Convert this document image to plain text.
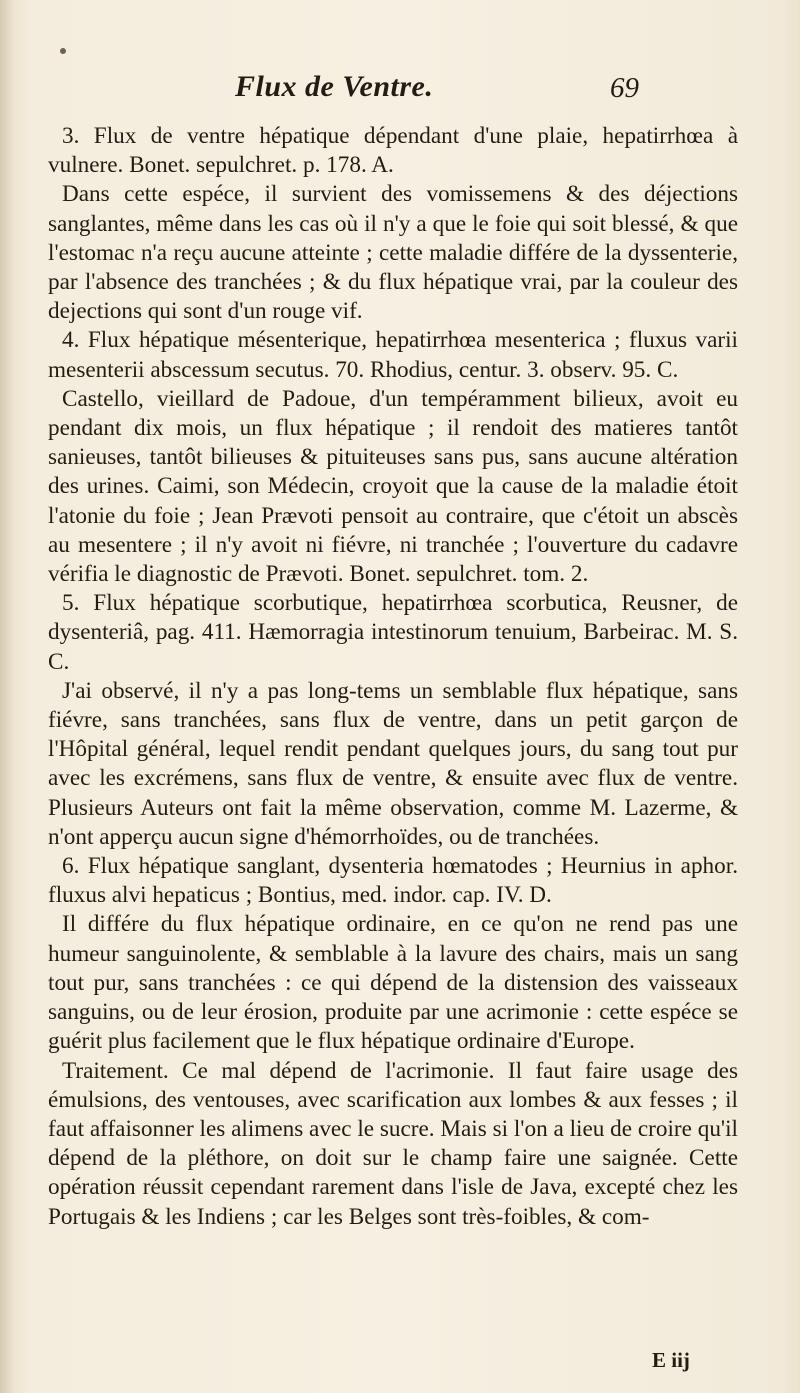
Flux de Ventre.	69

3. Flux de ventre hépatique dépendant d'une plaie, hepatirrhœa à vulnere. Bonet. sepulchret. p. 178. A.

Dans cette espéce, il survient des vomissemens & des déjections sanglantes, même dans les cas où il n'y a que le foie qui soit blessé, & que l'estomac n'a reçu aucune atteinte ; cette maladie différe de la dyssenterie, par l'absence des tranchées ; & du flux hépatique vrai, par la couleur des dejections qui sont d'un rouge vif.

4. Flux hépatique mésenterique, hepatirrhœa mesenterica ; fluxus varii mesenterii abscessum secutus. 70. Rhodius, centur. 3. observ. 95. C.

Castello, vieillard de Padoue, d'un tempéramment bilieux, avoit eu pendant dix mois, un flux hépatique ; il rendoit des matieres tantôt sanieuses, tantôt bilieuses & pituiteuses sans pus, sans aucune altération des urines. Caimi, son Médecin, croyoit que la cause de la maladie étoit l'atonie du foie ; Jean Prævoti pensoit au contraire, que c'étoit un abscès au mesentere ; il n'y avoit ni fiévre, ni tranchée ; l'ouverture du cadavre vérifia le diagnostic de Prævoti. Bonet. sepulchret. tom. 2.

5. Flux hépatique scorbutique, hepatirrhœa scorbutica, Reusner, de dysenteriâ, pag. 411. Hæmorragia intestinorum tenuium, Barbeirac. M. S. C.

J'ai observé, il n'y a pas long-tems un semblable flux hépatique, sans fiévre, sans tranchées, sans flux de ventre, dans un petit garçon de l'Hôpital général, lequel rendit pendant quelques jours, du sang tout pur avec les excrémens, sans flux de ventre, & ensuite avec flux de ventre. Plusieurs Auteurs ont fait la même observation, comme M. Lazerme, & n'ont apperçu aucun signe d'hémorrhoïdes, ou de tranchées.

6. Flux hépatique sanglant, dysenteria hœmatodes ; Heurnius in aphor. fluxus alvi hepaticus ; Bontius, med. indor. cap. IV. D.

Il différe du flux hépatique ordinaire, en ce qu'on ne rend pas une humeur sanguinolente, & semblable à la lavure des chairs, mais un sang tout pur, sans tranchées : ce qui dépend de la distension des vaisseaux sanguins, ou de leur érosion, produite par une acrimonie : cette espéce se guérit plus facilement que le flux hépatique ordinaire d'Europe.

Traitement. Ce mal dépend de l'acrimonie. Il faut faire usage des émulsions, des ventouses, avec scarification aux lombes & aux fesses ; il faut affaisonner les alimens avec le sucre. Mais si l'on a lieu de croire qu'il dépend de la pléthore, on doit sur le champ faire une saignée. Cette opération réussit cependant rarement dans l'isle de Java, excepté chez les Portugais & les Indiens ; car les Belges sont très-foibles, & com-

E iij
